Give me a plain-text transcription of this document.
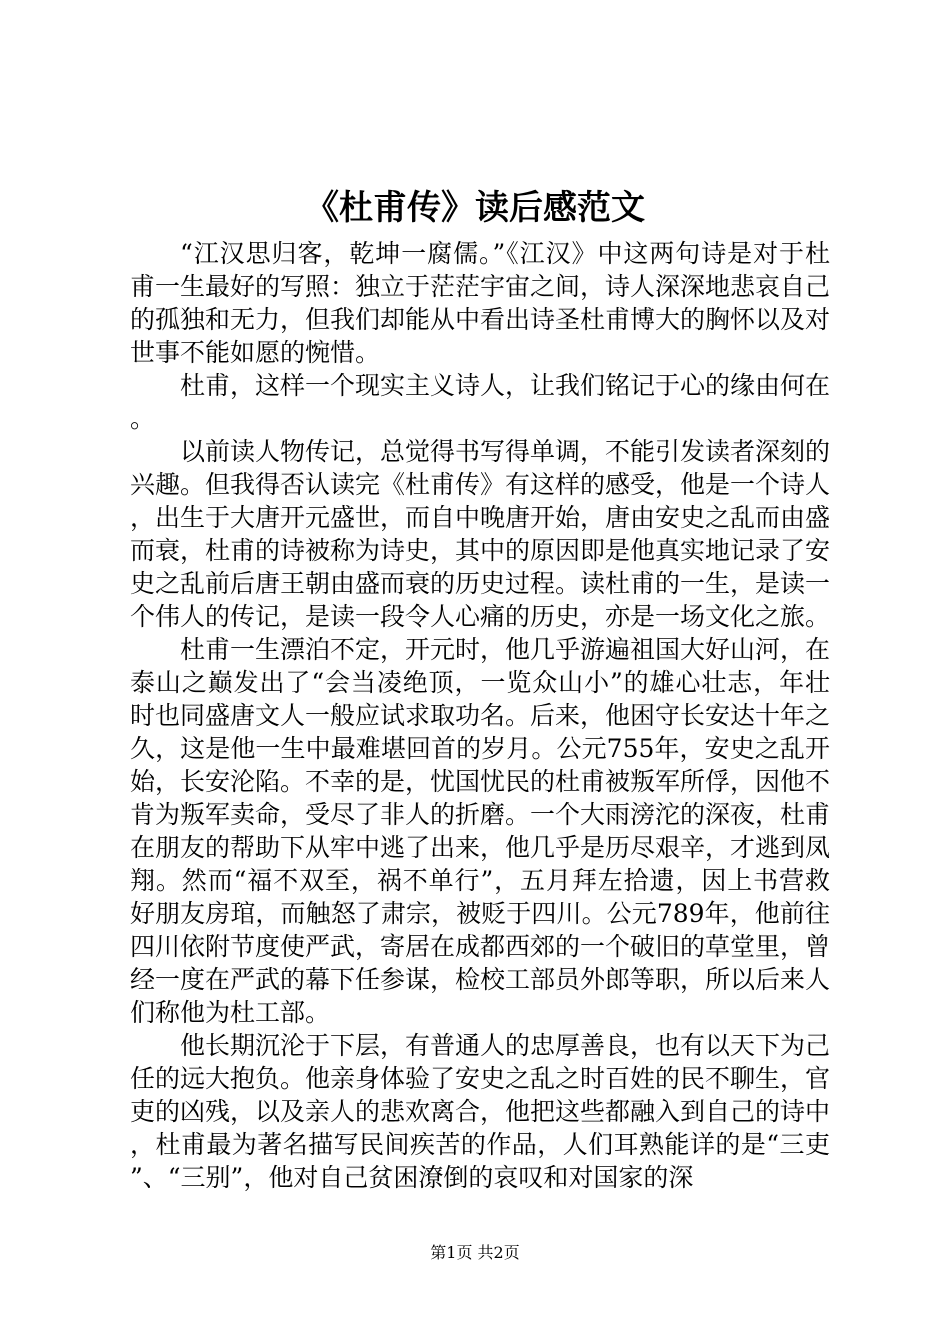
《杜甫传》读后感范文

“江汉思归客，乾坤一腐儒。”《江汉》中这两句诗是对于杜甫一生最好的写照：独立于茫茫宇宙之间，诗人深深地悲哀自己的孤独和无力，但我们却能从中看出诗圣杜甫博大的胸怀以及对世事不能如愿的惋惜。

杜甫，这样一个现实主义诗人，让我们铭记于心的缘由何在。

以前读人物传记，总觉得书写得单调，不能引发读者深刻的兴趣。但我得否认读完《杜甫传》有这样的感受，他是一个诗人，出生于大唐开元盛世，而自中晚唐开始，唐由安史之乱而由盛而衰，杜甫的诗被称为诗史，其中的原因即是他真实地记录了安史之乱前后唐王朝由盛而衰的历史过程。读杜甫的一生，是读一个伟人的传记，是读一段令人心痛的历史，亦是一场文化之旅。

杜甫一生漂泊不定，开元时，他几乎游遍祖国大好山河，在泰山之巅发出了“会当凌绝顶，一览众山小”的雄心壮志，年壮时也同盛唐文人一般应试求取功名。后来，他困守长安达十年之久，这是他一生中最难堪回首的岁月。公元755年，安史之乱开始，长安沦陷。不幸的是，忧国忧民的杜甫被叛军所俘，因他不肯为叛军卖命，受尽了非人的折磨。一个大雨滂沱的深夜，杜甫在朋友的帮助下从牢中逃了出来，他几乎是历尽艰辛，才逃到凤翔。然而“福不双至，祸不单行”，五月拜左拾遗，因上书营救好朋友房琯，而触怒了肃宗，被贬于四川。公元789年，他前往四川依附节度使严武，寄居在成都西郊的一个破旧的草堂里，曾经一度在严武的幕下任参谋，检校工部员外郎等职，所以后来人们称他为杜工部。

他长期沉沦于下层，有普通人的忠厚善良，也有以天下为己任的远大抱负。他亲身体验了安史之乱之时百姓的民不聊生，官吏的凶残，以及亲人的悲欢离合，他把这些都融入到自己的诗中，杜甫最为著名描写民间疾苦的作品，人们耳熟能详的是“三吏”、“三别”，他对自己贫困潦倒的哀叹和对国家的深

第1页 共2页
